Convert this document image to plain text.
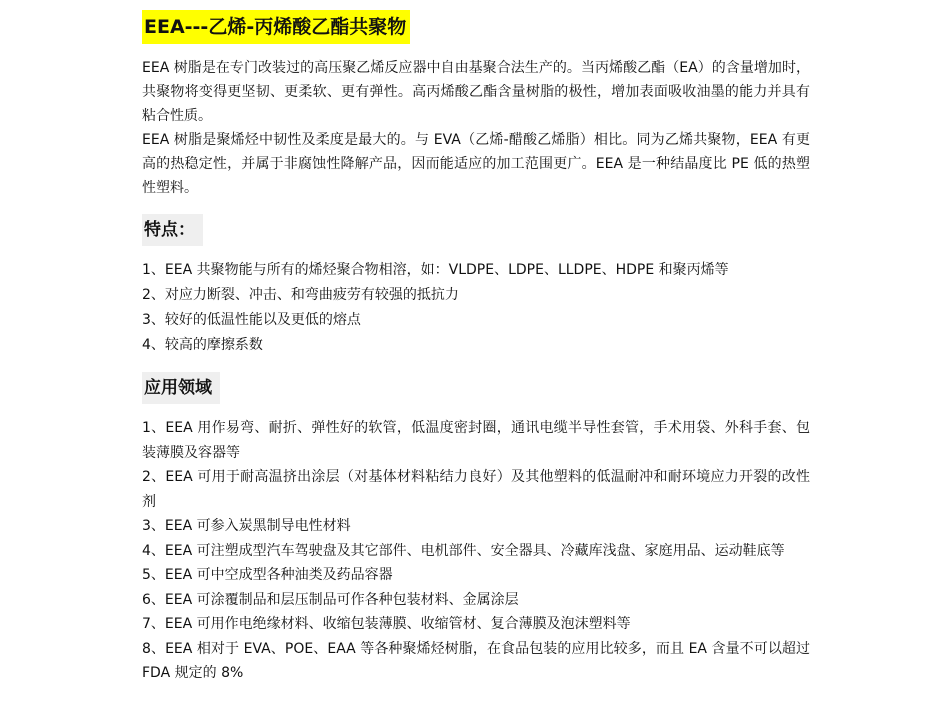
EEA---乙烯-丙烯酸乙酯共聚物

EEA 树脂是在专门改装过的高压聚乙烯反应器中自由基聚合法生产的。当丙烯酸乙酯（EA）的含量增加时，共聚物将变得更坚韧、更柔软、更有弹性。高丙烯酸乙酯含量树脂的极性，增加表面吸收油墨的能力并具有粘合性质。

EEA 树脂是聚烯烃中韧性及柔度是最大的。与 EVA（乙烯-醋酸乙烯脂）相比。同为乙烯共聚物，EEA 有更高的热稳定性，并属于非腐蚀性降解产品，因而能适应的加工范围更广。EEA 是一种结晶度比 PE 低的热塑性塑料。

特点：
1、EEA 共聚物能与所有的烯烃聚合物相溶，如：VLDPE、LDPE、LLDPE、HDPE 和聚丙烯等
2、对应力断裂、冲击、和弯曲疲劳有较强的抵抗力
3、较好的低温性能以及更低的熔点
4、较高的摩擦系数
应用领域
1、EEA 用作易弯、耐折、弹性好的软管，低温度密封圈，通讯电缆半导性套管，手术用袋、外科手套、包装薄膜及容器等
2、EEA 可用于耐高温挤出涂层（对基体材料粘结力良好）及其他塑料的低温耐冲和耐环境应力开裂的改性剂
3、EEA 可参入炭黑制导电性材料
4、EEA 可注塑成型汽车驾驶盘及其它部件、电机部件、安全器具、冷藏库浅盘、家庭用品、运动鞋底等
5、EEA 可中空成型各种油类及药品容器
6、EEA 可涂覆制品和层压制品可作各种包装材料、金属涂层
7、EEA 可用作电绝缘材料、收缩包装薄膜、收缩管材、复合薄膜及泡沫塑料等
8、EEA 相对于 EVA、POE、EAA 等各种聚烯烃树脂，在食品包装的应用比较多，而且 EA 含量不可以超过 FDA 规定的 8%
